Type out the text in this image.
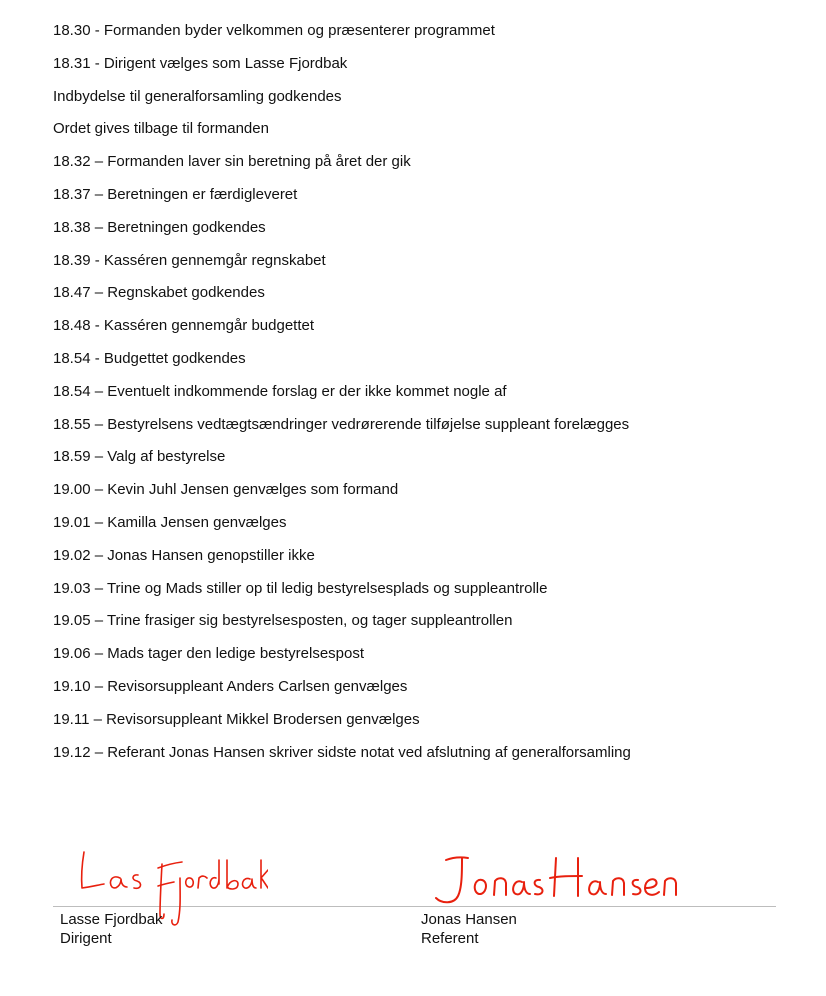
18.30 - Formanden byder velkommen og præsenterer programmet
18.31 - Dirigent vælges som Lasse Fjordbak
Indbydelse til generalforsamling godkendes
Ordet gives tilbage til formanden
18.32 – Formanden laver sin beretning på året der gik
18.37 – Beretningen er færdigleveret
18.38 – Beretningen godkendes
18.39 - Kasséren gennemgår regnskabet
18.47 – Regnskabet godkendes
18.48 - Kasséren gennemgår budgettet
18.54 - Budgettet godkendes
18.54 – Eventuelt indkommende forslag er der ikke kommet nogle af
18.55 – Bestyrelsens vedtægtsændringer vedrørerende tilføjelse suppleant forelægges
18.59 – Valg af bestyrelse
19.00 – Kevin Juhl Jensen genvælges som formand
19.01 – Kamilla Jensen genvælges
19.02 – Jonas Hansen genopstiller ikke
19.03 – Trine og Mads stiller op til ledig bestyrelsesplads og suppleantrolle
19.05 – Trine frasiger sig bestyrelsesposten, og tager suppleantrollen
19.06 – Mads tager den ledige bestyrelsespost
19.10 – Revisorsuppleant Anders Carlsen genvælges
19.11 – Revisorsuppleant Mikkel Brodersen genvælges
19.12 – Referant Jonas Hansen skriver sidste notat ved afslutning af generalforsamling
Lasse Fjordbak
Dirigent
Jonas Hansen
Referent
